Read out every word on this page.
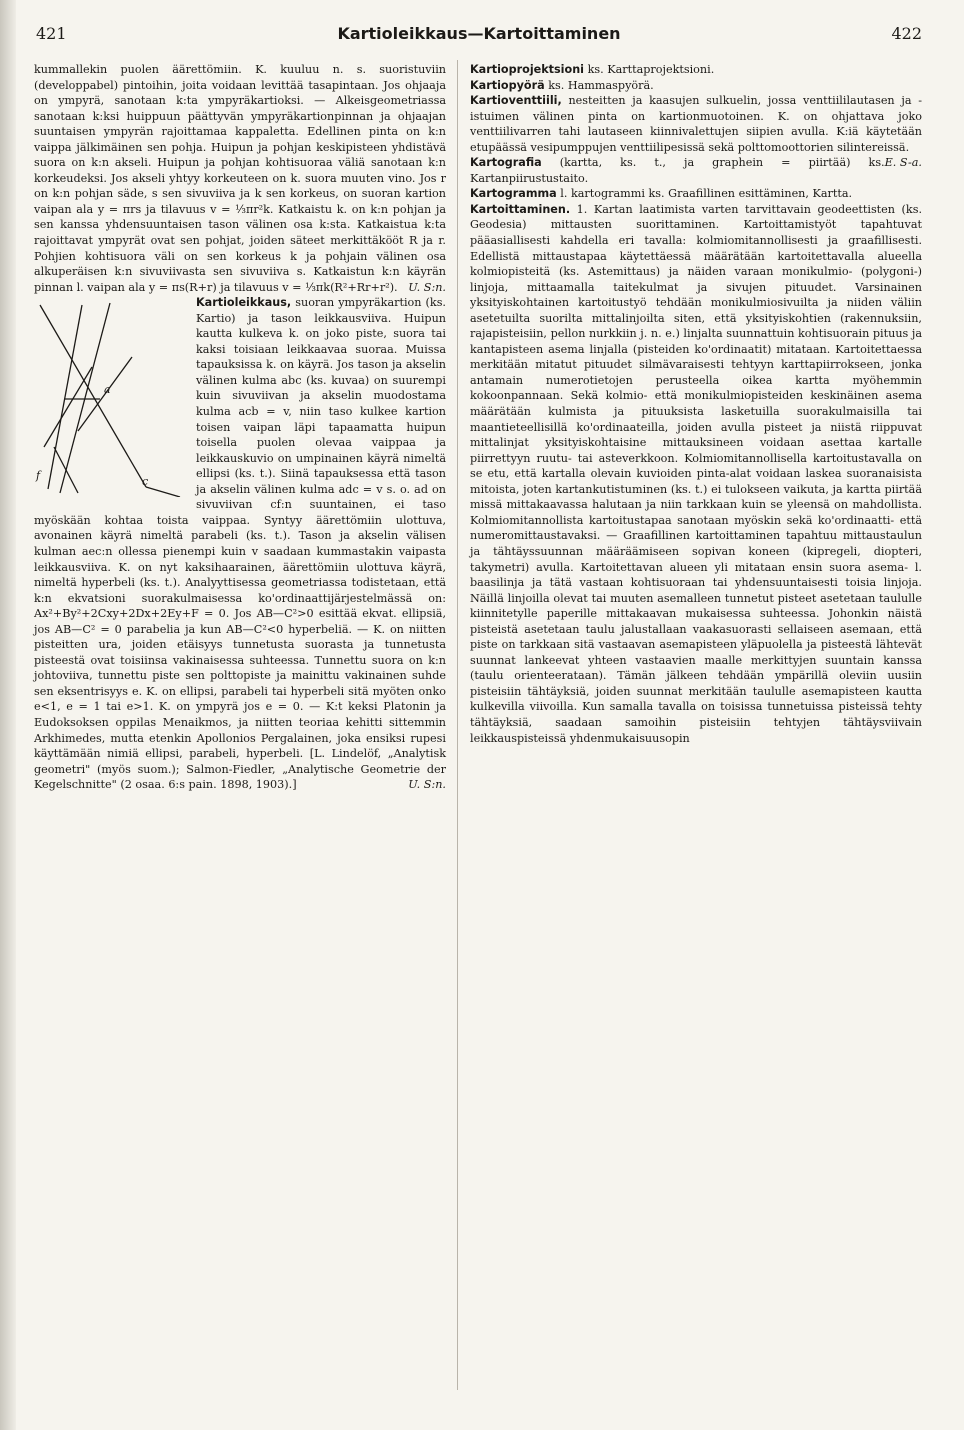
421	Kartioleikkaus—Kartoittaminen	422

kummallekin puolen äärettömiin. K. kuuluu n. s. suoristuviin (developpabel) pintoihin, joita voidaan levittää tasapintaan. Jos ohjaaja on ympyrä, sanotaan k:ta ympyräkartioksi. — Alkeisgeometriassa sanotaan k:ksi huippuun päättyvän ympyräkartionpinnan ja ohjaajan suuntaisen ympyrän rajoittamaa kappaletta. Edellinen pinta on k:n vaippa jälkimäinen sen pohja. Huipun ja pohjan keskipisteen yhdistävä suora on k:n akseli. Huipun ja pohjan kohtisuoraa väliä sanotaan k:n korkeudeksi. Jos akseli yhtyy korkeuteen on k. suora muuten vino. Jos r on k:n pohjan säde, s sen sivuviiva ja k sen korkeus, on suoran kartion vaipan ala y = πrs ja tilavuus v = ⅓πr²k. Katkaistu k. on k:n pohjan ja sen kanssa yhdensuuntaisen tason välinen osa k:sta. Katkaistua k:ta rajoittavat ympyrät ovat sen pohjat, joiden säteet merkittäkööt R ja r. Pohjien kohtisuora väli on sen korkeus k ja pohjain välinen osa alkuperäisen k:n sivuviivasta sen sivuviiva s. Katkaistun k:n käyrän pinnan l. vaipan ala y = πs(R+r) ja tilavuus v = ⅓πk(R²+Rr+r²). U. S:n.

Kartioleikkaus,
a
c
f
suoran ympyräkartion (ks. Kartio) ja tason leikkausviiva. Huipun kautta kulkeva k. on joko piste, suora tai kaksi toisiaan leikkaavaa suoraa. Muissa tapauksissa k. on käyrä. Jos tason ja akselin välinen kulma abc (ks. kuvaa) on suurempi kuin sivuviivan ja akselin muodostama kulma acb = v, niin taso kulkee kartion toisen vaipan läpi tapaamatta huipun toisella puolen olevaa vaippaa ja leikkauskuvio on umpinainen käyrä nimeltä ellipsi (ks. t.). Siinä tapauksessa että tason ja akselin välinen kulma adc = v s. o. ad on sivuviivan cf:n suuntainen, ei taso myöskään kohtaa toista vaippaa. Syntyy äärettömiin ulottuva, avonainen käyrä nimeltä parabeli (ks. t.). Tason ja akselin välisen kulman aec:n ollessa pienempi kuin v saadaan kummastakin vaipasta leikkausviiva. K. on nyt kaksihaarainen, äärettömiin ulottuva käyrä, nimeltä hyperbeli (ks. t.). Analyyttisessa geometriassa todistetaan, että k:n ekvatsioni suorakulmaisessa ko'ordinaattijärjestelmässä on: Ax²+By²+2Cxy+2Dx+2Ey+F = 0. Jos AB—C²>0 esittää ekvat. ellipsiä, jos AB—C² = 0 parabelia ja kun AB—C²<0 hyperbeliä. — K. on niitten pisteitten ura, joiden etäisyys tunnetusta suorasta ja tunnetusta pisteestä ovat toisiinsa vakinaisessa suhteessa. Tunnettu suora on k:n johtoviiva, tunnettu piste sen polttopiste ja mainittu vakinainen suhde sen eksentrisyys e. K. on ellipsi, parabeli tai hyperbeli sitä myöten onko e<1, e = 1 tai e>1. K. on ympyrä jos e = 0. — K:t keksi Platonin ja Eudoksoksen oppilas Menaikmos, ja niitten teoriaa kehitti sittemmin Arkhimedes, mutta etenkin Apollonios Pergalainen, joka ensiksi rupesi käyttämään nimiä ellipsi, parabeli, hyperbeli. [L. Lindelöf, „Analytisk geometri" (myös suom.); Salmon-Fiedler, „Analytische Geometrie der Kegelschnitte" (2 osaa. 6:s pain. 1898, 1903).]	U. S:n.

Kartioprojektsioni ks. Karttaprojektsioni.

Kartiopyörä ks. Hammaspyörä.

Kartioventtiili, nesteitten ja kaasujen sulkuelin, jossa venttiililautasen ja -istuimen välinen pinta on kartionmuotoinen. K. on ohjattava joko venttiilivarren tahi lautaseen kiinnivalettujen siipien avulla. K:iä käytetään etupäässä vesipumppujen venttiilipesissä sekä polttomoottorien silintereissä.
E. S-a.

Kartografia (kartta, ks. t., ja graphein = piirtää) ks. Kartanpiirustustaito.

Kartogramma l. kartogrammi ks. Graafillinen esittäminen, Kartta.

Kartoittaminen. 1. Kartan laatimista varten tarvittavain geodeettisten (ks. Geodesia) mittausten suorittaminen. Kartoittamistyöt tapahtuvat pääasiallisesti kahdella eri tavalla: kolmiomitannollisesti ja graafillisesti. Edellistä mittaustapaa käytettäessä määrätään kartoitettavalla alueella kolmiopisteitä (ks. Astemittaus) ja näiden varaan monikulmio- (polygoni-) linjoja, mittaamalla taitekulmat ja sivujen pituudet. Varsinainen yksityiskohtainen kartoitustyö tehdään monikulmiosivuilta ja niiden väliin asetetuilta suorilta mittalinjoilta siten, että yksityiskohtien (rakennuksiin, rajapisteisiin, pellon nurkkiin j. n. e.) linjalta suunnattuin kohtisuorain pituus ja kantapisteen asema linjalla (pisteiden ko'ordinaatit) mitataan. Kartoitettaessa merkitään mitatut pituudet silmävaraisesti tehtyyn karttapiirrokseen, jonka antamain numerotietojen perusteella oikea kartta myöhemmin kokoonpannaan. Sekä kolmio- että monikulmiopisteiden keskinäinen asema määrätään kulmista ja pituuksista lasketuilla suorakulmaisilla tai maantieteellisillä ko'ordinaateilla, joiden avulla pisteet ja niistä riippuvat mittalinjat yksityiskohtaisine mittauksineen voidaan asettaa kartalle piirrettyyn ruutu- tai asteverkkoon. Kolmiomitannollisella kartoitustavalla on se etu, että kartalla olevain kuvioiden pinta-alat voidaan laskea suoranaisista mitoista, joten kartankutistuminen (ks. t.) ei tulokseen vaikuta, ja kartta piirtää missä mittakaavassa halutaan ja niin tarkkaan kuin se yleensä on mahdollista. Kolmiomitannollista kartoitustapaa sanotaan myöskin sekä ko'ordinaatti- että numeromittaustavaksi. — Graafillinen kartoittaminen tapahtuu mittaustaulun ja tähtäyssuunnan määräämiseen sopivan koneen (kipregeli, diopteri, takymetri) avulla. Kartoitettavan alueen yli mitataan ensin suora asema- l. baasilinja ja tätä vastaan kohtisuoraan tai yhdensuuntaisesti toisia linjoja. Näillä linjoilla olevat tai muuten asemalleen tunnetut pisteet asetetaan taululle kiinnitetylle paperille mittakaavan mukaisessa suhteessa. Johonkin näistä pisteistä asetetaan taulu jalustallaan vaakasuorasti sellaiseen asemaan, että piste on tarkkaan sitä vastaavan asemapisteen yläpuolella ja pisteestä lähtevät suunnat lankeevat yhteen vastaavien maalle merkittyjen suuntain kanssa (taulu orienteerataan). Tämän jälkeen tehdään ympärillä oleviin uusiin pisteisiin tähtäyksiä, joiden suunnat merkitään taululle asemapisteen kautta kulkevilla viivoilla. Kun samalla tavalla on toisissa tunnetuissa pisteissä tehty tähtäyksiä, saadaan samoihin pisteisiin tehtyjen tähtäysviivain leikkauspisteissä yhdenmukaisuusopin
